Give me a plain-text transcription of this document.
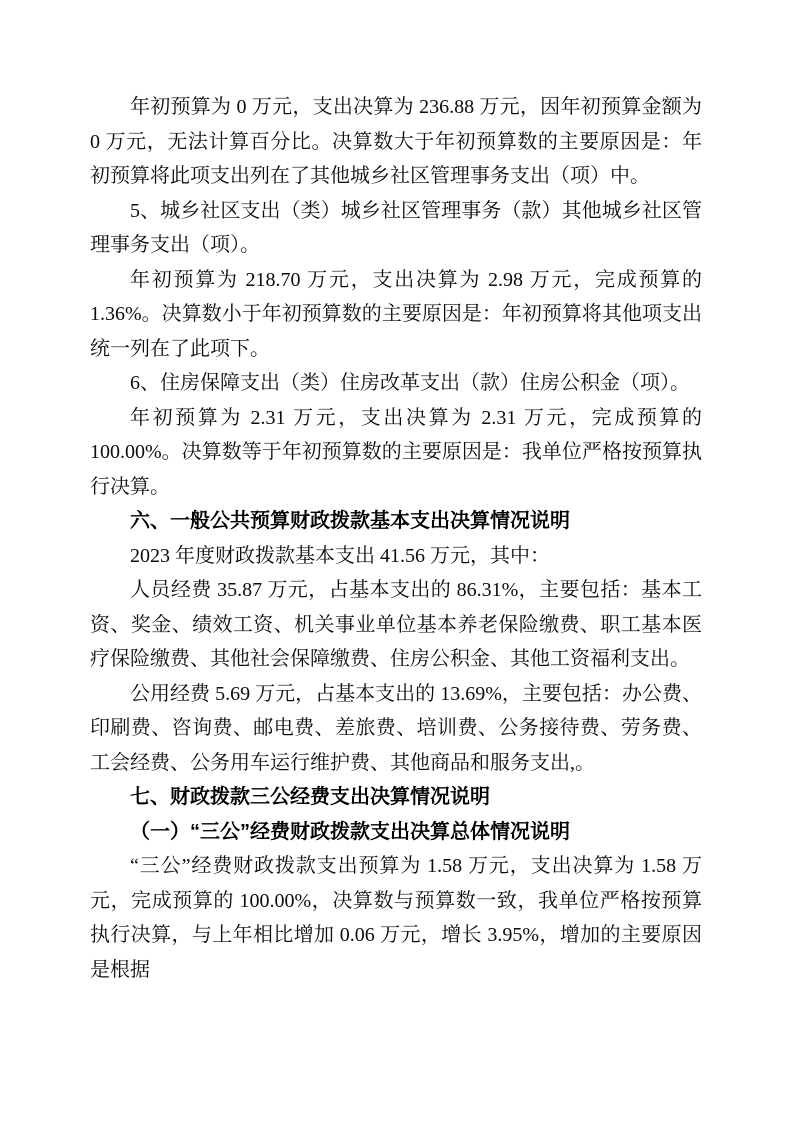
年初预算为 0 万元，支出决算为 236.88 万元，因年初预算金额为 0 万元，无法计算百分比。决算数大于年初预算数的主要原因是：年初预算将此项支出列在了其他城乡社区管理事务支出（项）中。

5、城乡社区支出（类）城乡社区管理事务（款）其他城乡社区管理事务支出（项）。

年初预算为 218.70 万元，支出决算为 2.98 万元，完成预算的 1.36%。决算数小于年初预算数的主要原因是：年初预算将其他项支出统一列在了此项下。

6、住房保障支出（类）住房改革支出（款）住房公积金（项）。

年初预算为 2.31 万元，支出决算为 2.31 万元，完成预算的 100.00%。决算数等于年初预算数的主要原因是：我单位严格按预算执行决算。

六、一般公共预算财政拨款基本支出决算情况说明

2023 年度财政拨款基本支出 41.56 万元，其中：

人员经费 35.87 万元，占基本支出的 86.31%，主要包括：基本工资、奖金、绩效工资、机关事业单位基本养老保险缴费、职工基本医疗保险缴费、其他社会保障缴费、住房公积金、其他工资福利支出。

公用经费 5.69 万元，占基本支出的 13.69%，主要包括：办公费、印刷费、咨询费、邮电费、差旅费、培训费、公务接待费、劳务费、工会经费、公务用车运行维护费、其他商品和服务支出,。

七、财政拨款三公经费支出决算情况说明

（一）“三公”经费财政拨款支出决算总体情况说明

“三公”经费财政拨款支出预算为 1.58 万元，支出决算为 1.58 万元，完成预算的 100.00%，决算数与预算数一致，我单位严格按预算执行决算，与上年相比增加 0.06 万元，增长 3.95%，增加的主要原因是根据
